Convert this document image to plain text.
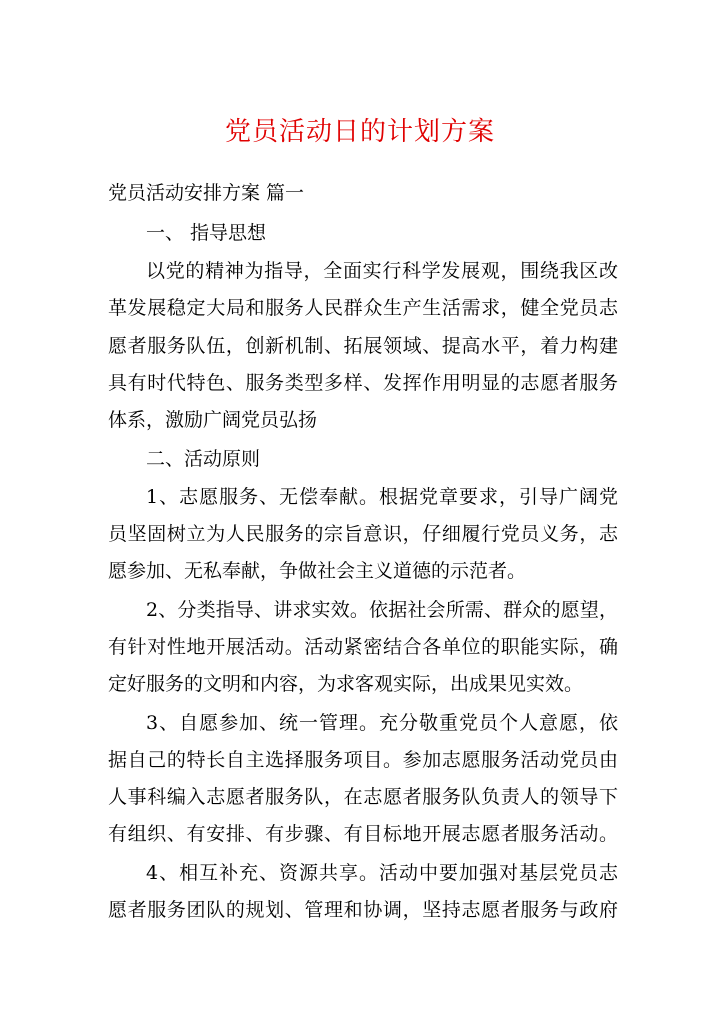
党员活动日的计划方案
党员活动安排方案 篇一
一、 指导思想
以党的精神为指导，全面实行科学发展观，围绕我区改
革发展稳定大局和服务人民群众生产生活需求，健全党员志
愿者服务队伍，创新机制、拓展领域、提高水平，着力构建
具有时代特色、服务类型多样、发挥作用明显的志愿者服务
体系，激励广阔党员弘扬
二、活动原则
1、志愿服务、无偿奉献。根据党章要求，引导广阔党
员坚固树立为人民服务的宗旨意识，仔细履行党员义务，志
愿参加、无私奉献，争做社会主义道德的示范者。
2、分类指导、讲求实效。依据社会所需、群众的愿望，
有针对性地开展活动。活动紧密结合各单位的职能实际，确
定好服务的文明和内容，为求客观实际，出成果见实效。
3、自愿参加、统一管理。充分敬重党员个人意愿，依
据自己的特长自主选择服务项目。参加志愿服务活动党员由
人事科编入志愿者服务队，在志愿者服务队负责人的领导下
有组织、有安排、有步骤、有目标地开展志愿者服务活动。
4、相互补充、资源共享。活动中要加强对基层党员志
愿者服务团队的规划、管理和协调，坚持志愿者服务与政府
